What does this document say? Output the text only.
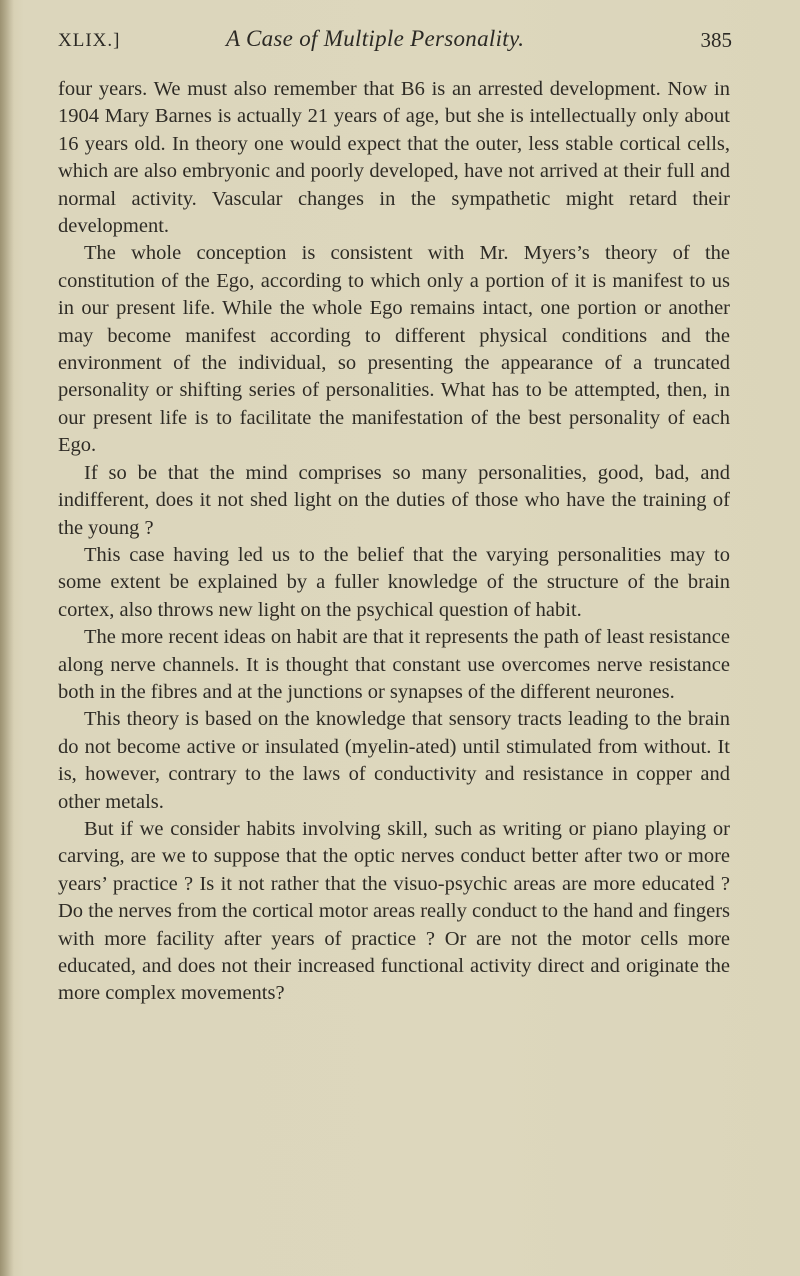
XLIX.]	A Case of Multiple Personality.	385

four years. We must also remember that B6 is an arrested development. Now in 1904 Mary Barnes is actually 21 years of age, but she is intellectually only about 16 years old. In theory one would expect that the outer, less stable cortical cells, which are also embryonic and poorly developed, have not arrived at their full and normal activity. Vascular changes in the sympathetic might retard their development.

The whole conception is consistent with Mr. Myers’s theory of the constitution of the Ego, according to which only a portion of it is manifest to us in our present life. While the whole Ego remains intact, one portion or another may become manifest according to different physical conditions and the environment of the individual, so presenting the appearance of a truncated personality or shifting series of personalities. What has to be attempted, then, in our present life is to facilitate the manifestation of the best personality of each Ego.

If so be that the mind comprises so many personalities, good, bad, and indifferent, does it not shed light on the duties of those who have the training of the young ?

This case having led us to the belief that the varying personalities may to some extent be explained by a fuller knowledge of the structure of the brain cortex, also throws new light on the psychical question of habit.

The more recent ideas on habit are that it represents the path of least resistance along nerve channels. It is thought that constant use overcomes nerve resistance both in the fibres and at the junctions or synapses of the different neurones.

This theory is based on the knowledge that sensory tracts leading to the brain do not become active or insulated (myelin-ated) until stimulated from without. It is, however, contrary to the laws of conductivity and resistance in copper and other metals.

But if we consider habits involving skill, such as writing or piano playing or carving, are we to suppose that the optic nerves conduct better after two or more years’ practice ? Is it not rather that the visuo-psychic areas are more educated ? Do the nerves from the cortical motor areas really conduct to the hand and fingers with more facility after years of practice ? Or are not the motor cells more educated, and does not their increased functional activity direct and originate the more complex movements?
